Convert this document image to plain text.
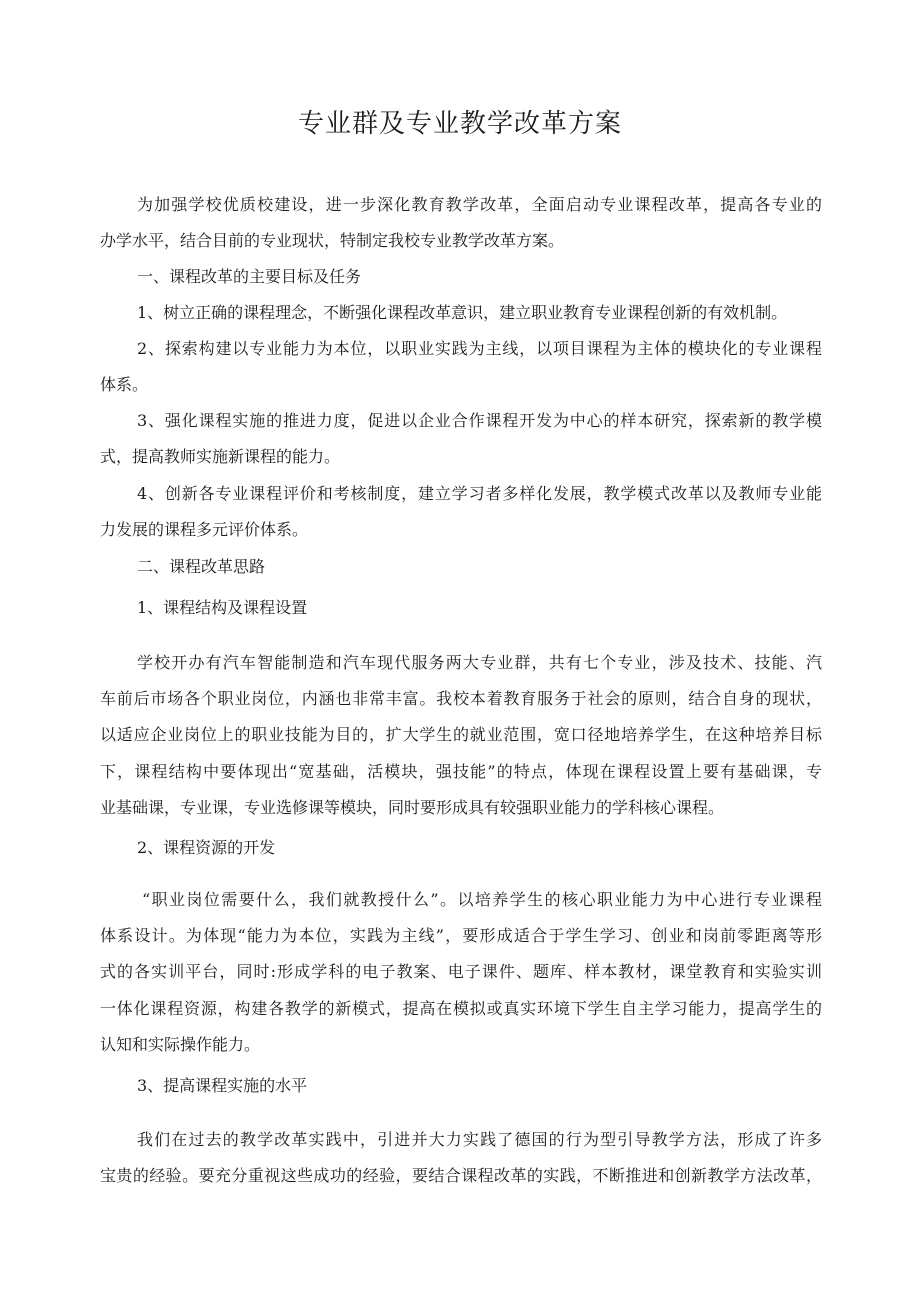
专业群及专业教学改革方案
为加强学校优质校建设，进一步深化教育教学改革，全面启动专业课程改革，提高各专业的
办学水平，结合目前的专业现状，特制定我校专业教学改革方案。
一、课程改革的主要目标及任务
1、树立正确的课程理念，不断强化课程改革意识，建立职业教育专业课程创新的有效机制。
2、探索构建以专业能力为本位，以职业实践为主线，以项目课程为主体的模块化的专业课程
体系。
3、强化课程实施的推进力度，促进以企业合作课程开发为中心的样本研究，探索新的教学模
式，提高教师实施新课程的能力。
4、创新各专业课程评价和考核制度，建立学习者多样化发展，教学模式改革以及教师专业能
力发展的课程多元评价体系。
二、课程改革思路
1、课程结构及课程设置
学校开办有汽车智能制造和汽车现代服务两大专业群，共有七个专业，涉及技术、技能、汽
车前后市场各个职业岗位，内涵也非常丰富。我校本着教育服务于社会的原则，结合自身的现状，
以适应企业岗位上的职业技能为目的，扩大学生的就业范围，宽口径地培养学生，在这种培养目标
下，课程结构中要体现出“宽基础，活模块，强技能”的特点，体现在课程设置上要有基础课，专
业基础课，专业课，专业选修课等模块，同时要形成具有较强职业能力的学科核心课程。
2、课程资源的开发
“职业岗位需要什么，我们就教授什么”。以培养学生的核心职业能力为中心进行专业课程
体系设计。为体现“能力为本位，实践为主线”，要形成适合于学生学习、创业和岗前零距离等形
式的各实训平台，同时:形成学科的电子教案、电子课件、题库、样本教材，课堂教育和实验实训
一体化课程资源，构建各教学的新模式，提高在模拟或真实环境下学生自主学习能力，提高学生的
认知和实际操作能力。
3、提高课程实施的水平
我们在过去的教学改革实践中，引进并大力实践了德国的行为型引导教学方法，形成了许多
宝贵的经验。要充分重视这些成功的经验，要结合课程改革的实践，不断推进和创新教学方法改革，
